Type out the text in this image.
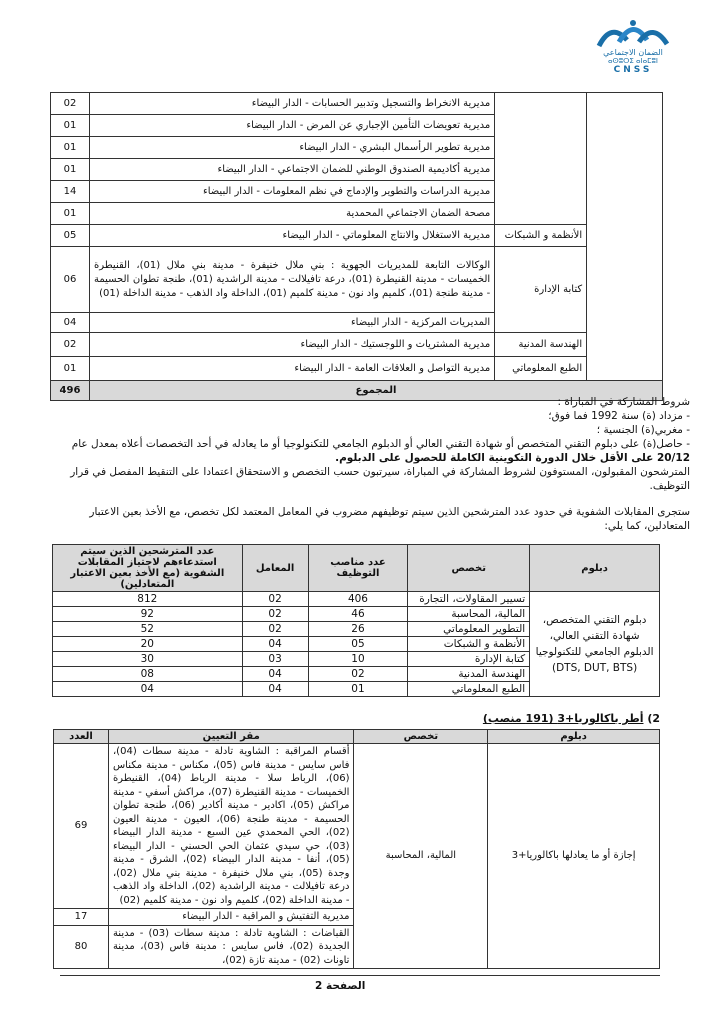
الضمان الاجتماعي
ⴰⵙⵓⵔⵉ ⴰⵏⴰⵎⵓⵏ
CNSS
02	مديرية الانخراط والتسجيل وتدبير الحسابات - الدار البيضاء		
01	مديرية تعويضات التأمين الإجباري عن المرض - الدار البيضاء		
01	مديرية تطوير الرأسمال البشري - الدار البيضاء		
01	مديرية أكاديمية الصندوق الوطني للضمان الاجتماعي - الدار البيضاء		
14	مديرية الدراسات والتطوير والإدماج في نظم المعلومات - الدار البيضاء		
01	مصحة الضمان الاجتماعي المحمدية		
05	مديرية الاستغلال والانتاج المعلوماتي - الدار البيضاء	الأنظمة و الشبكات	
06	الوكالات التابعة للمديريات الجهوية : بني ملال خنيفرة - مدينة بني ملال (01)، القنيطرة الخميسات - مدينة القنيطرة (01)، درعة تافيلالت - مدينة الراشدية (01)، طنجة تطوان الحسيمة - مدينة طنجة (01)، كلميم واد نون - مدينة كلميم (01)، الداخلة واد الذهب - مدينة الداخلة (01)	كتابة الإدارة	
04	المديريات المركزية - الدار البيضاء		
02	مديرية المشتريات و اللوجستيك - الدار البيضاء	الهندسة المدنية	
01	مديرية التواصل و العلاقات العامة - الدار البيضاء	الطبع المعلوماتي	
496	المجموع		
شروط المشاركة في المباراة :
- مزداد (ة) سنة 1992 فما فوق؛
- مغربي(ة) الجنسية ؛
- حاصل(ة) على دبلوم التقني المتخصص أو شهادة التقني العالي أو الدبلوم الجامعي للتكنولوجيا أو ما يعادله في أحد التخصصات أعلاه بمعدل عام
20/12 على الأقل خلال الدورة التكوينية الكاملة للحصول على الدبلوم.
المترشحون المقبولون، المستوفون لشروط المشاركة في المباراة، سيرتبون حسب التخصص و الاستحقاق اعتمادا على التنقيط المفصل في قرار
التوظيف.
ستجرى المقابلات الشفوية في حدود عدد المترشحين الذين سيتم توظيفهم مضروب في المعامل المعتمد لكل تخصص، مع الأخذ بعين الاعتبار
المتعادلين، كما يلي:
عدد المترشحين الذين سيتم استدعاءهم لاجتياز المقابلات الشفوية (مع الأخذ بعين الاعتبار المتعادلين)	المعامل	عدد مناصب التوظيف	تخصص	دبلوم
812	02	406	تسيير المقاولات، التجارة	دبلوم التقني المتخصص، شهادة التقني العالي، الدبلوم الجامعي للتكنولوجيا
(DTS, DUT, BTS)
92	02	46	المالية، المحاسبة	
52	02	26	التطوير المعلوماتي	
20	04	05	الأنظمة و الشبكات	
30	03	10	كتابة الإدارة	
08	04	02	الهندسة المدنية	
04	04	01	الطبع المعلوماتي	
2) أطر باكالوريا+3 (191 منصب)
العدد	مقر التعيين	تخصص	دبلوم
69	أقسام المراقبة : الشاوية تادلة - مدينة سطات (04)، فاس سايس - مدينة فاس (05)، مكناس - مدينة مكناس (06)، الرباط سلا - مدينة الرباط (04)، القنيطرة الخميسات - مدينة القنيطرة (07)، مراكش أسفي - مدينة مراكش (05)، اكادير - مدينة أكادير (06)، طنجة تطوان الحسيمة - مدينة طنجة (06)، العيون - مدينة العيون (02)، الحي المحمدي عين السبع - مدينة الدار البيضاء (03)، حي سيدي عثمان الحي الحسني - الدار البيضاء (05)، أنفا - مدينة الدار البيضاء (02)، الشرق - مدينة وجدة (05)، بني ملال خنيفرة - مدينة بني ملال (02)، درعة تافيلالت - مدينة الراشدية (02)، الداخلة واد الذهب - مدينة الداخلة (02)، كلميم واد نون - مدينة كلميم (02)	المالية، المحاسبة	إجازة أو ما يعادلها باكالوريا+3
17	مديرية التفتيش و المراقبة - الدار البيضاء		
80	القباضات : الشاوية تادلة : مدينة سطات (03) - مدينة الجديدة (02)، فاس سايس : مدينة فاس (03)، مدينة تاونات (02) - مدينة تازة (02)،		
الصفحة 2
